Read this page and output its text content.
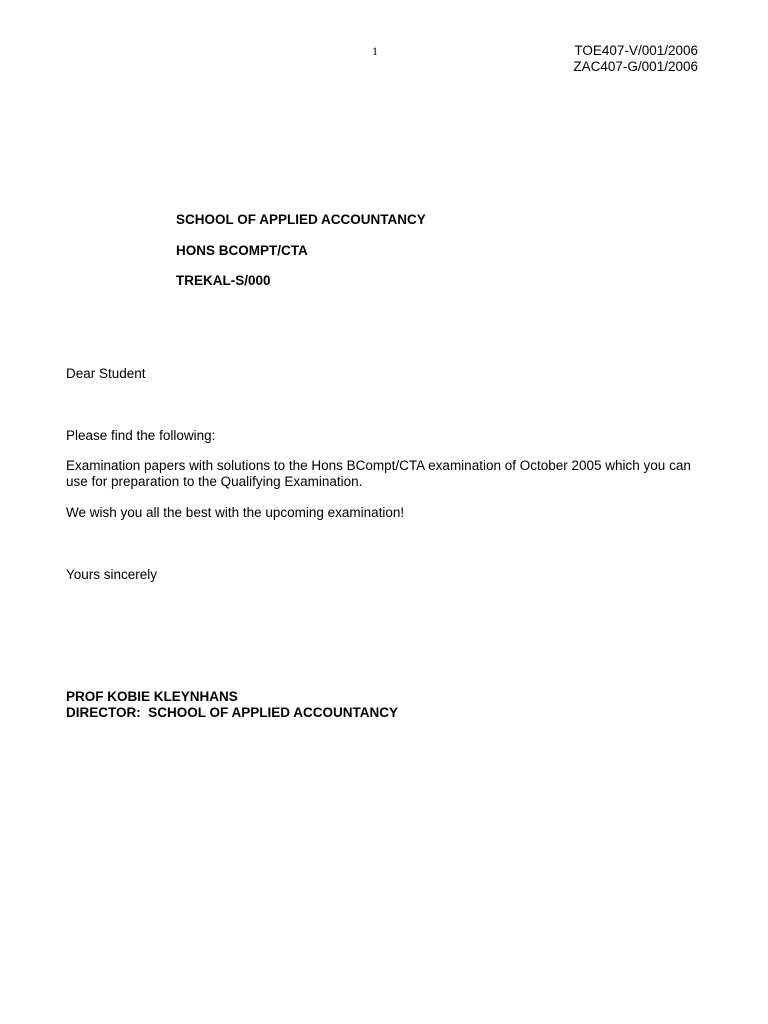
1	TOE407-V/001/2006
ZAC407-G/001/2006
SCHOOL OF APPLIED ACCOUNTANCY
HONS BCOMPT/CTA
TREKAL-S/000
Dear Student
Please find the following:

Examination papers with solutions to the Hons BCompt/CTA examination of October 2005 which you can use for preparation to the Qualifying Examination.

We wish you all the best with the upcoming examination!
Yours sincerely
PROF KOBIE KLEYNHANS
DIRECTOR:  SCHOOL OF APPLIED ACCOUNTANCY
